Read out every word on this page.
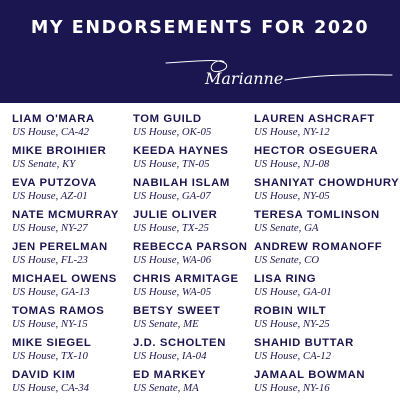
MY ENDORSEMENTS FOR 2020
Marianne
LIAM O'MARA
US House, CA-42
MIKE BROIHIER
US Senate, KY
EVA PUTZOVA
US House, AZ-01
NATE MCMURRAY
US House, NY-27
JEN PERELMAN
US House, FL-23
MICHAEL OWENS
US House, GA-13
TOMAS RAMOS
US House, NY-15
MIKE SIEGEL
US House, TX-10
DAVID KIM
US House, CA-34
TOM GUILD
US House, OK-05
KEEDA HAYNES
US House, TN-05
NABILAH ISLAM
US House, GA-07
JULIE OLIVER
US House, TX-25
REBECCA PARSON
US House, WA-06
CHRIS ARMITAGE
US House, WA-05
BETSY SWEET
US Senate, ME
J.D. SCHOLTEN
US House, IA-04
ED MARKEY
US Senate, MA
LAUREN ASHCRAFT
US House, NY-12
HECTOR OSEGUERA
US House, NJ-08
SHANIYAT CHOWDHURY
US House, NY-05
TERESA TOMLINSON
US Senate, GA
ANDREW ROMANOFF
US Senate, CO
LISA RING
US House, GA-01
ROBIN WILT
US House, NY-25
SHAHID BUTTAR
US House, CA-12
JAMAAL BOWMAN
US House, NY-16
